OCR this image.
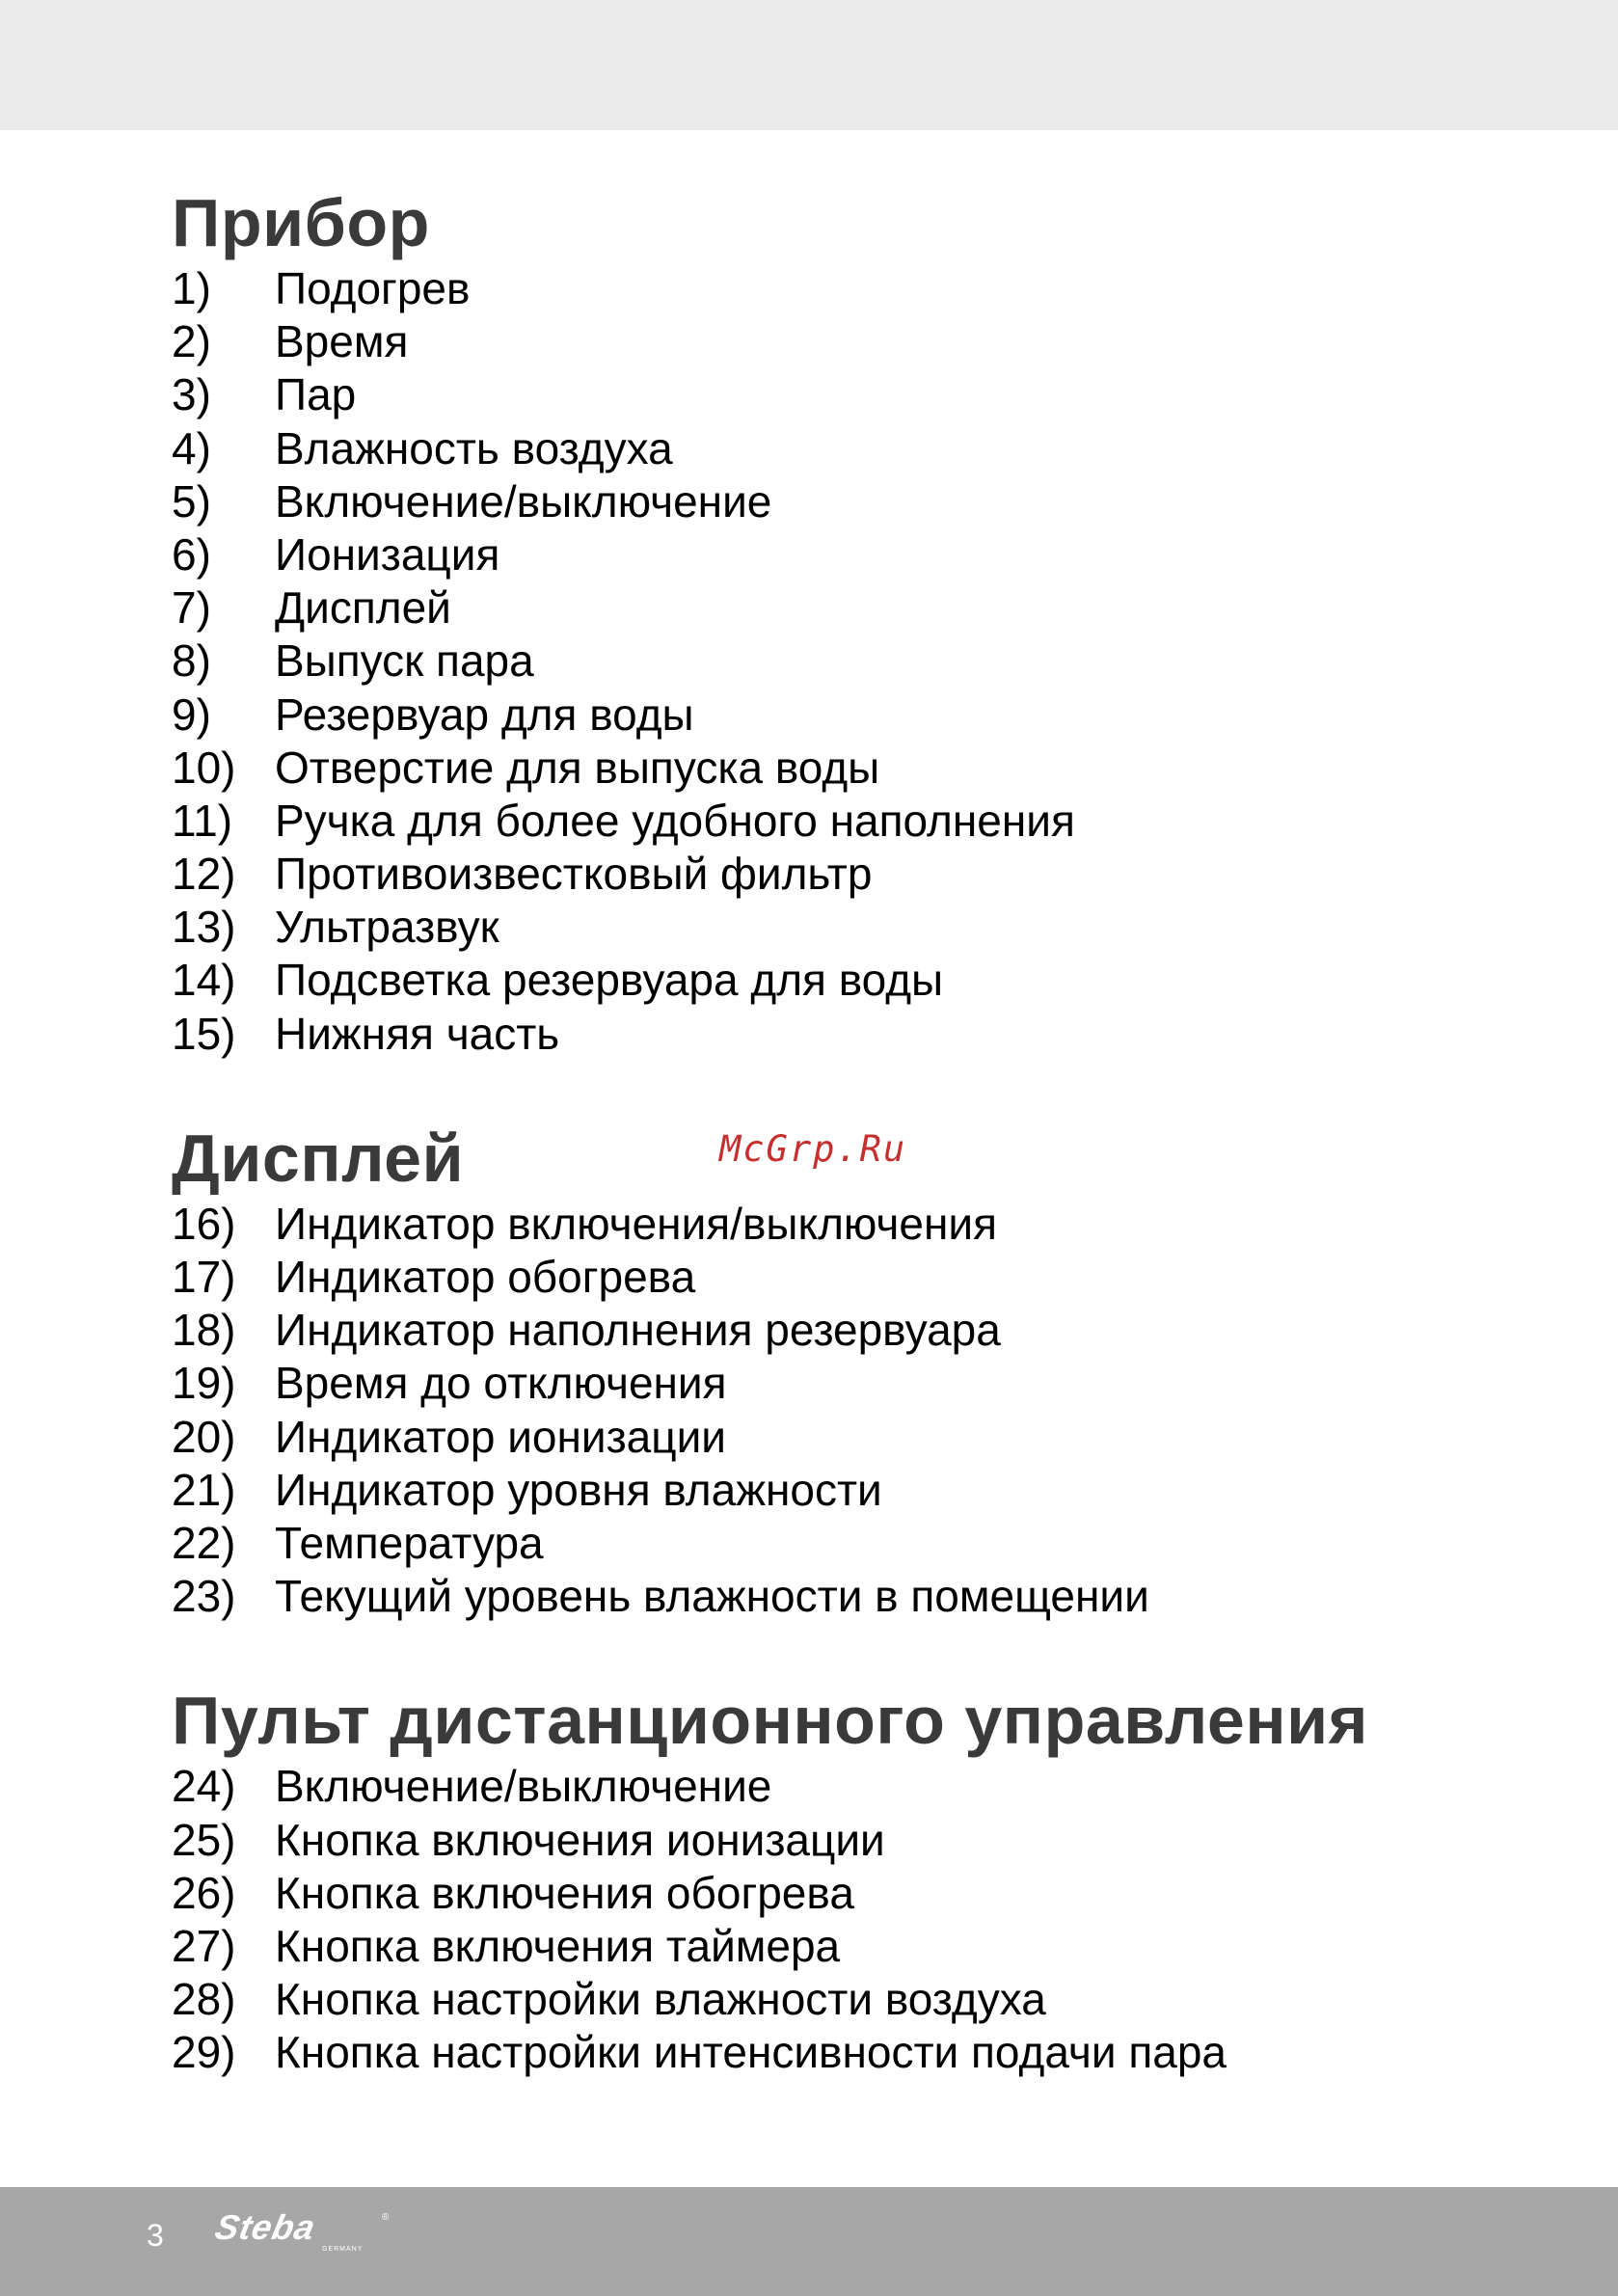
Прибор
1)	Подогрев
2)	Время
3)	Пар
4)	Влажность воздуха
5)	Включение/выключение
6)	Ионизация
7)	Дисплей
8)	Выпуск пара
9)	Резервуар для воды
10) Отверстие для выпуска воды
11) Ручка для более удобного наполнения
12) Противоизвестковый фильтр
13) Ультразвук
14) Подсветка резервуара для воды
15) Нижняя часть
Дисплей
16) Индикатор включения/выключения
17) Индикатор обогрева
18) Индикатор наполнения резервуара
19) Время до отключения
20) Индикатор ионизации
21) Индикатор уровня влажности
22) Температура
23) Текущий уровень влажности в помещении
Пульт дистанционного управления
24) Включение/выключение
25) Кнопка включения ионизации
26) Кнопка включения обогрева
27) Кнопка включения таймера
28) Кнопка настройки влажности воздуха
29) Кнопка настройки интенсивности подачи пара
McGrp.Ru
3 Steba	®
GERMANY
